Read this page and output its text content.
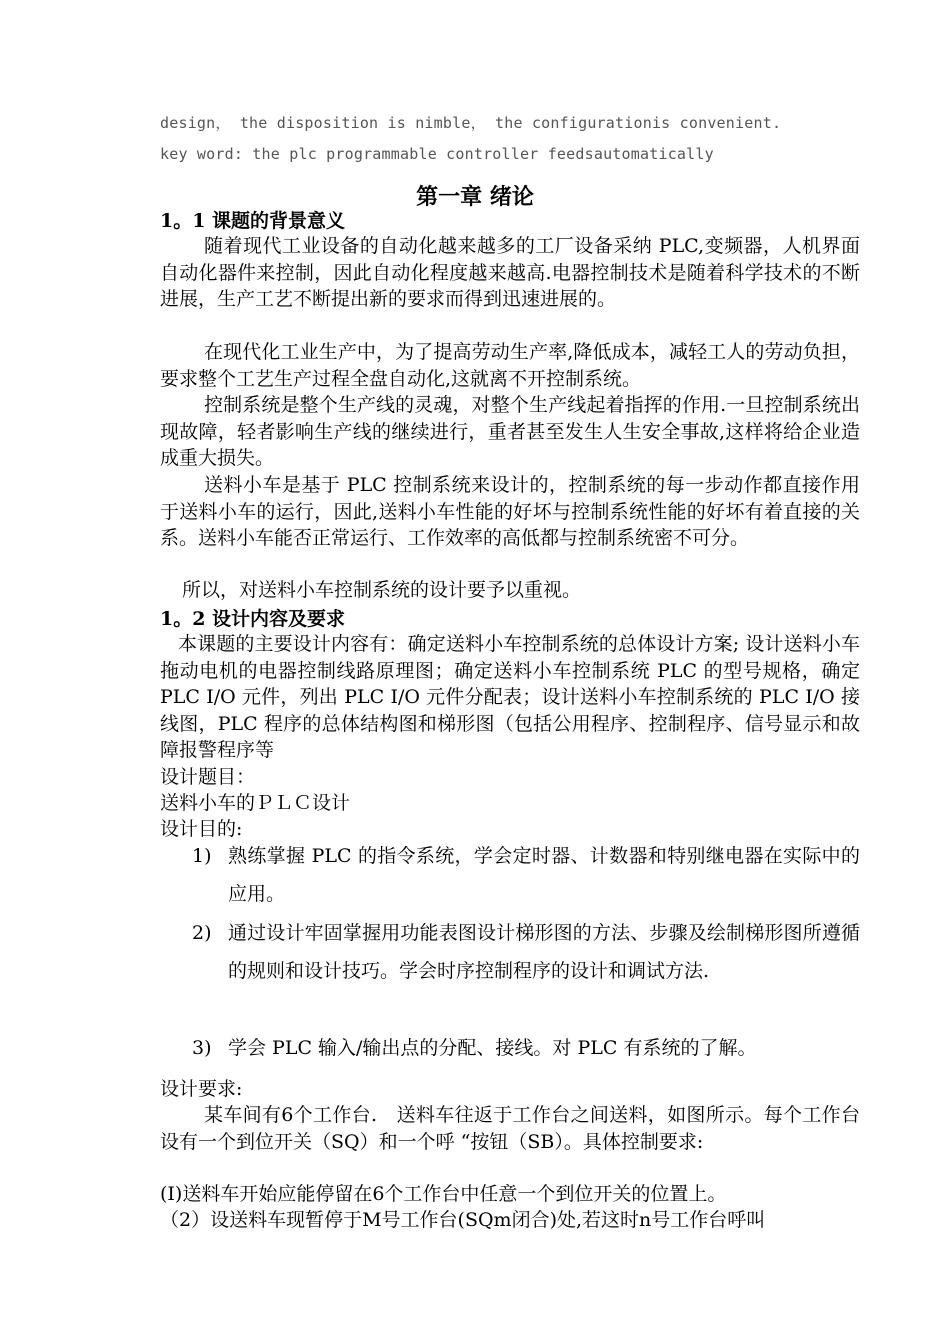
design， the disposition is nimble， the configurationis convenient.
key word: the plc programmable controller feedsautomatically
第一章 绪论
1。1 课题的背景意义
随着现代工业设备的自动化越来越多的工厂设备采纳 PLC,变频器，人机界面自动化器件来控制，因此自动化程度越来越高.电器控制技术是随着科学技术的不断进展，生产工艺不断提出新的要求而得到迅速进展的。
在现代化工业生产中，为了提高劳动生产率,降低成本，减轻工人的劳动负担，要求整个工艺生产过程全盘自动化,这就离不开控制系统。
控制系统是整个生产线的灵魂，对整个生产线起着指挥的作用.一旦控制系统出现故障，轻者影响生产线的继续进行，重者甚至发生人生安全事故,这样将给企业造成重大损失。
送料小车是基于 PLC 控制系统来设计的，控制系统的每一步动作都直接作用于送料小车的运行，因此,送料小车性能的好坏与控制系统性能的好坏有着直接的关系。送料小车能否正常运行、工作效率的高低都与控制系统密不可分。
所以，对送料小车控制系统的设计要予以重视。
1。2 设计内容及要求
本课题的主要设计内容有：确定送料小车控制系统的总体设计方案; 设计送料小车拖动电机的电器控制线路原理图；确定送料小车控制系统 PLC 的型号规格，确定 PLC I/O 元件，列出 PLC I/O 元件分配表；设计送料小车控制系统的 PLC I/O 接线图，PLC 程序的总体结构图和梯形图（包括公用程序、控制程序、信号显示和故障报警程序等
设计题目：
送料小车的ＰＬＣ设计
设计目的:
1) 熟练掌握 PLC 的指令系统，学会定时器、计数器和特别继电器在实际中的应用。
2) 通过设计牢固掌握用功能表图设计梯形图的方法、步骤及绘制梯形图所遵循的规则和设计技巧。学会时序控制程序的设计和调试方法.
3) 学会 PLC 输入/输出点的分配、接线。对 PLC 有系统的了解。
设计要求:
某车间有6个工作台.　送料车往返于工作台之间送料，如图所示。每个工作台设有一个到位开关（SQ）和一个呼 “按钮（SB）。具体控制要求:
(I)送料车开始应能停留在6个工作台中任意一个到位开关的位置上。
（2）设送料车现暂停于M号工作台(SQm闭合)处,若这时n号工作台呼叫
